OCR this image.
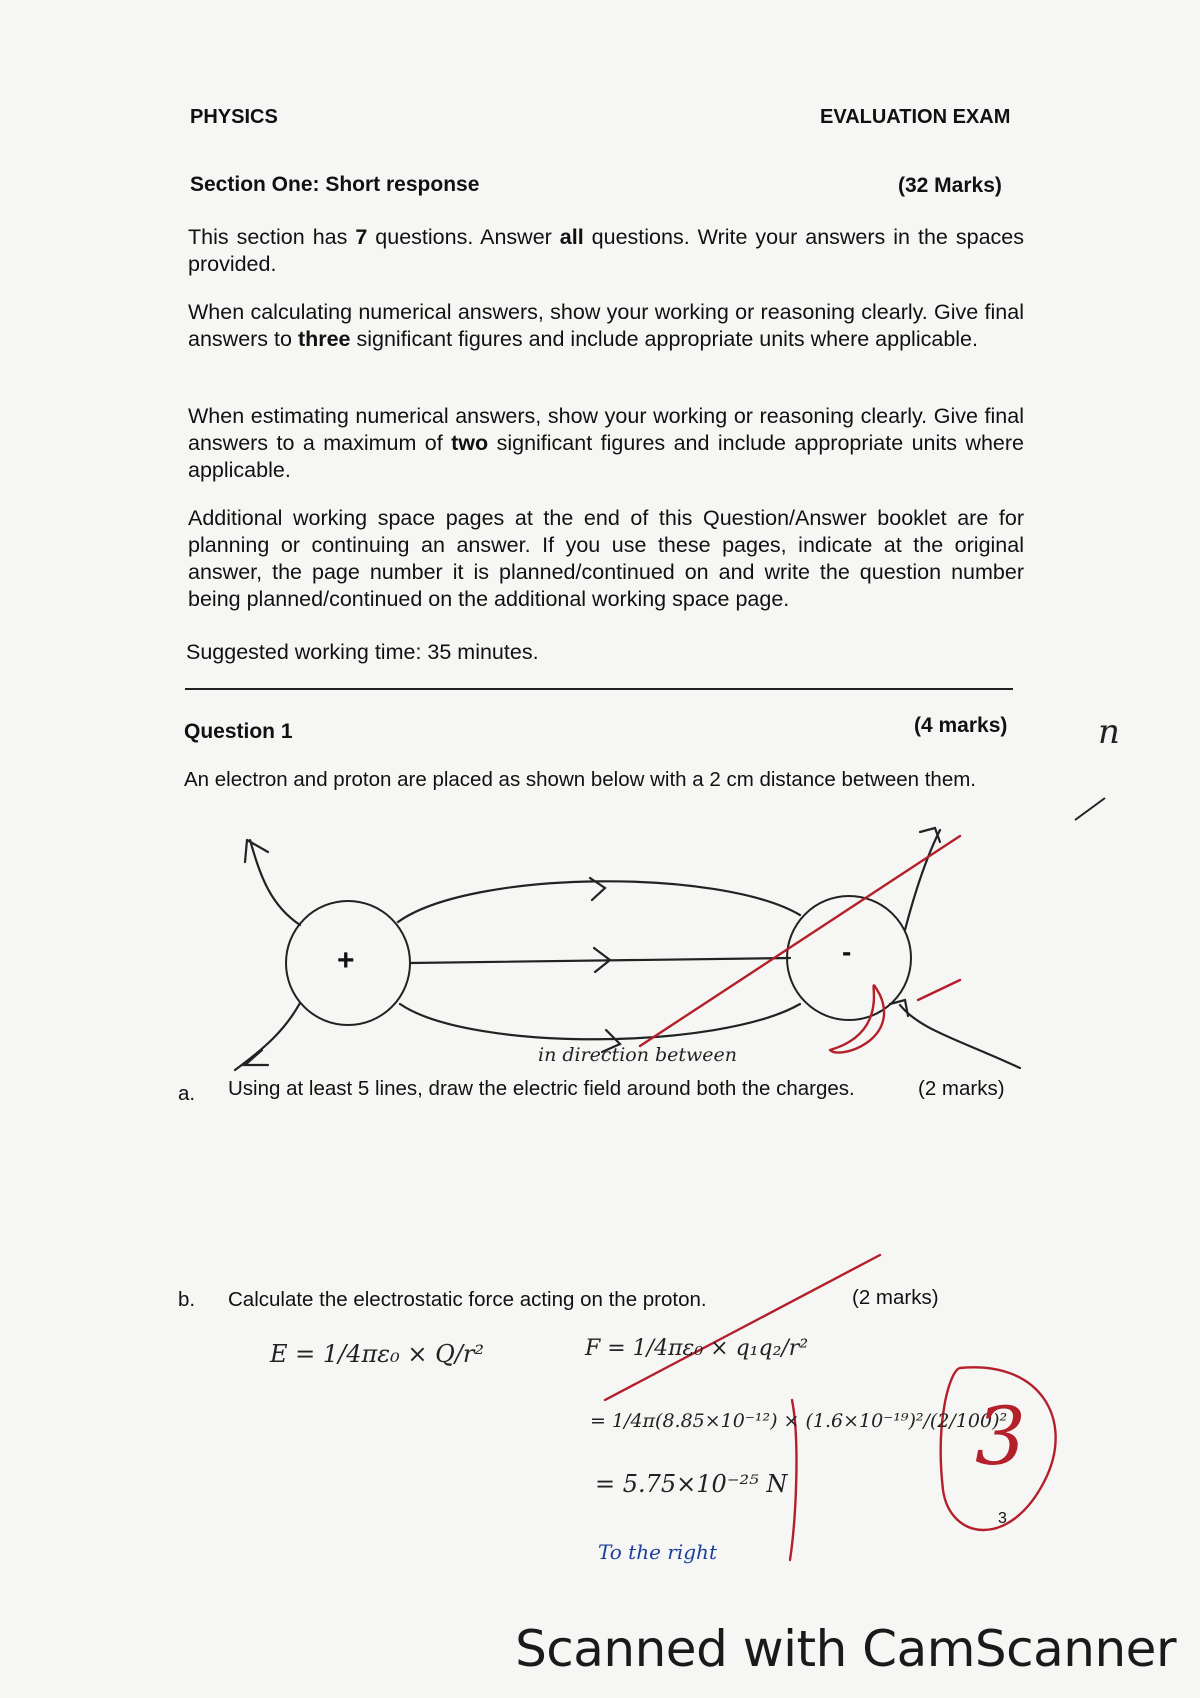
PHYSICS	EVALUATION EXAM
Section One: Short response	(32 Marks)
This section has 7 questions. Answer all questions. Write your answers in the spaces provided.
When calculating numerical answers, show your working or reasoning clearly. Give final answers to three significant figures and include appropriate units where applicable.
When estimating numerical answers, show your working or reasoning clearly. Give final answers to a maximum of two significant figures and include appropriate units where applicable.
Additional working space pages at the end of this Question/Answer booklet are for planning or continuing an answer. If you use these pages, indicate at the original answer, the page number it is planned/continued on and write the question number being planned/continued on the additional working space page.
Suggested working time: 35 minutes.
Question 1	(4 marks)
An electron and proton are placed as shown below with a 2 cm distance between them.
+	-
in direction between
a. Using at least 5 lines, draw the electric field around both the charges.	(2 marks)
b. Calculate the electrostatic force acting on the proton.	(2 marks)
E = 1/4πε₀ × Q/r²	F = 1/4πε₀ × q₁q₂/r²
= 1/4π(8.85×10⁻¹²) × (1.6×10⁻¹⁹)²/(2/100)²
= 5.75×10⁻²⁵ N
To the right
n
3
3
Scanned with CamScanner
